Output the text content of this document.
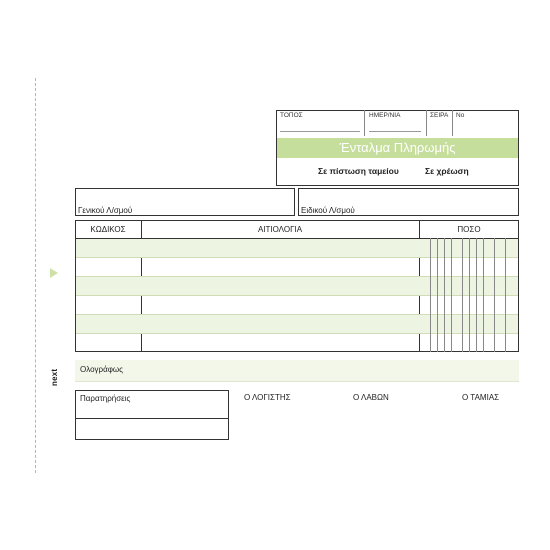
next
ΤΟΠΟΣ	ΗΜΕΡ/ΝΙΑ	ΣΕΙΡΑ No
Ένταλμα Πληρωμής
Σε πίστωση ταμείου	Σε χρέωση
Γενικού Λ/σμού	Ειδικού Λ/σμού
ΚΩΔΙΚΟΣ	ΑΙΤΙΟΛΟΓΙΑ	ΠΟΣΟ
Ολογράφως
Παρατηρήσεις	Ο ΛΟΓΙΣΤΗΣ	Ο ΛΑΒΩΝ	Ο ΤΑΜΙΑΣ
